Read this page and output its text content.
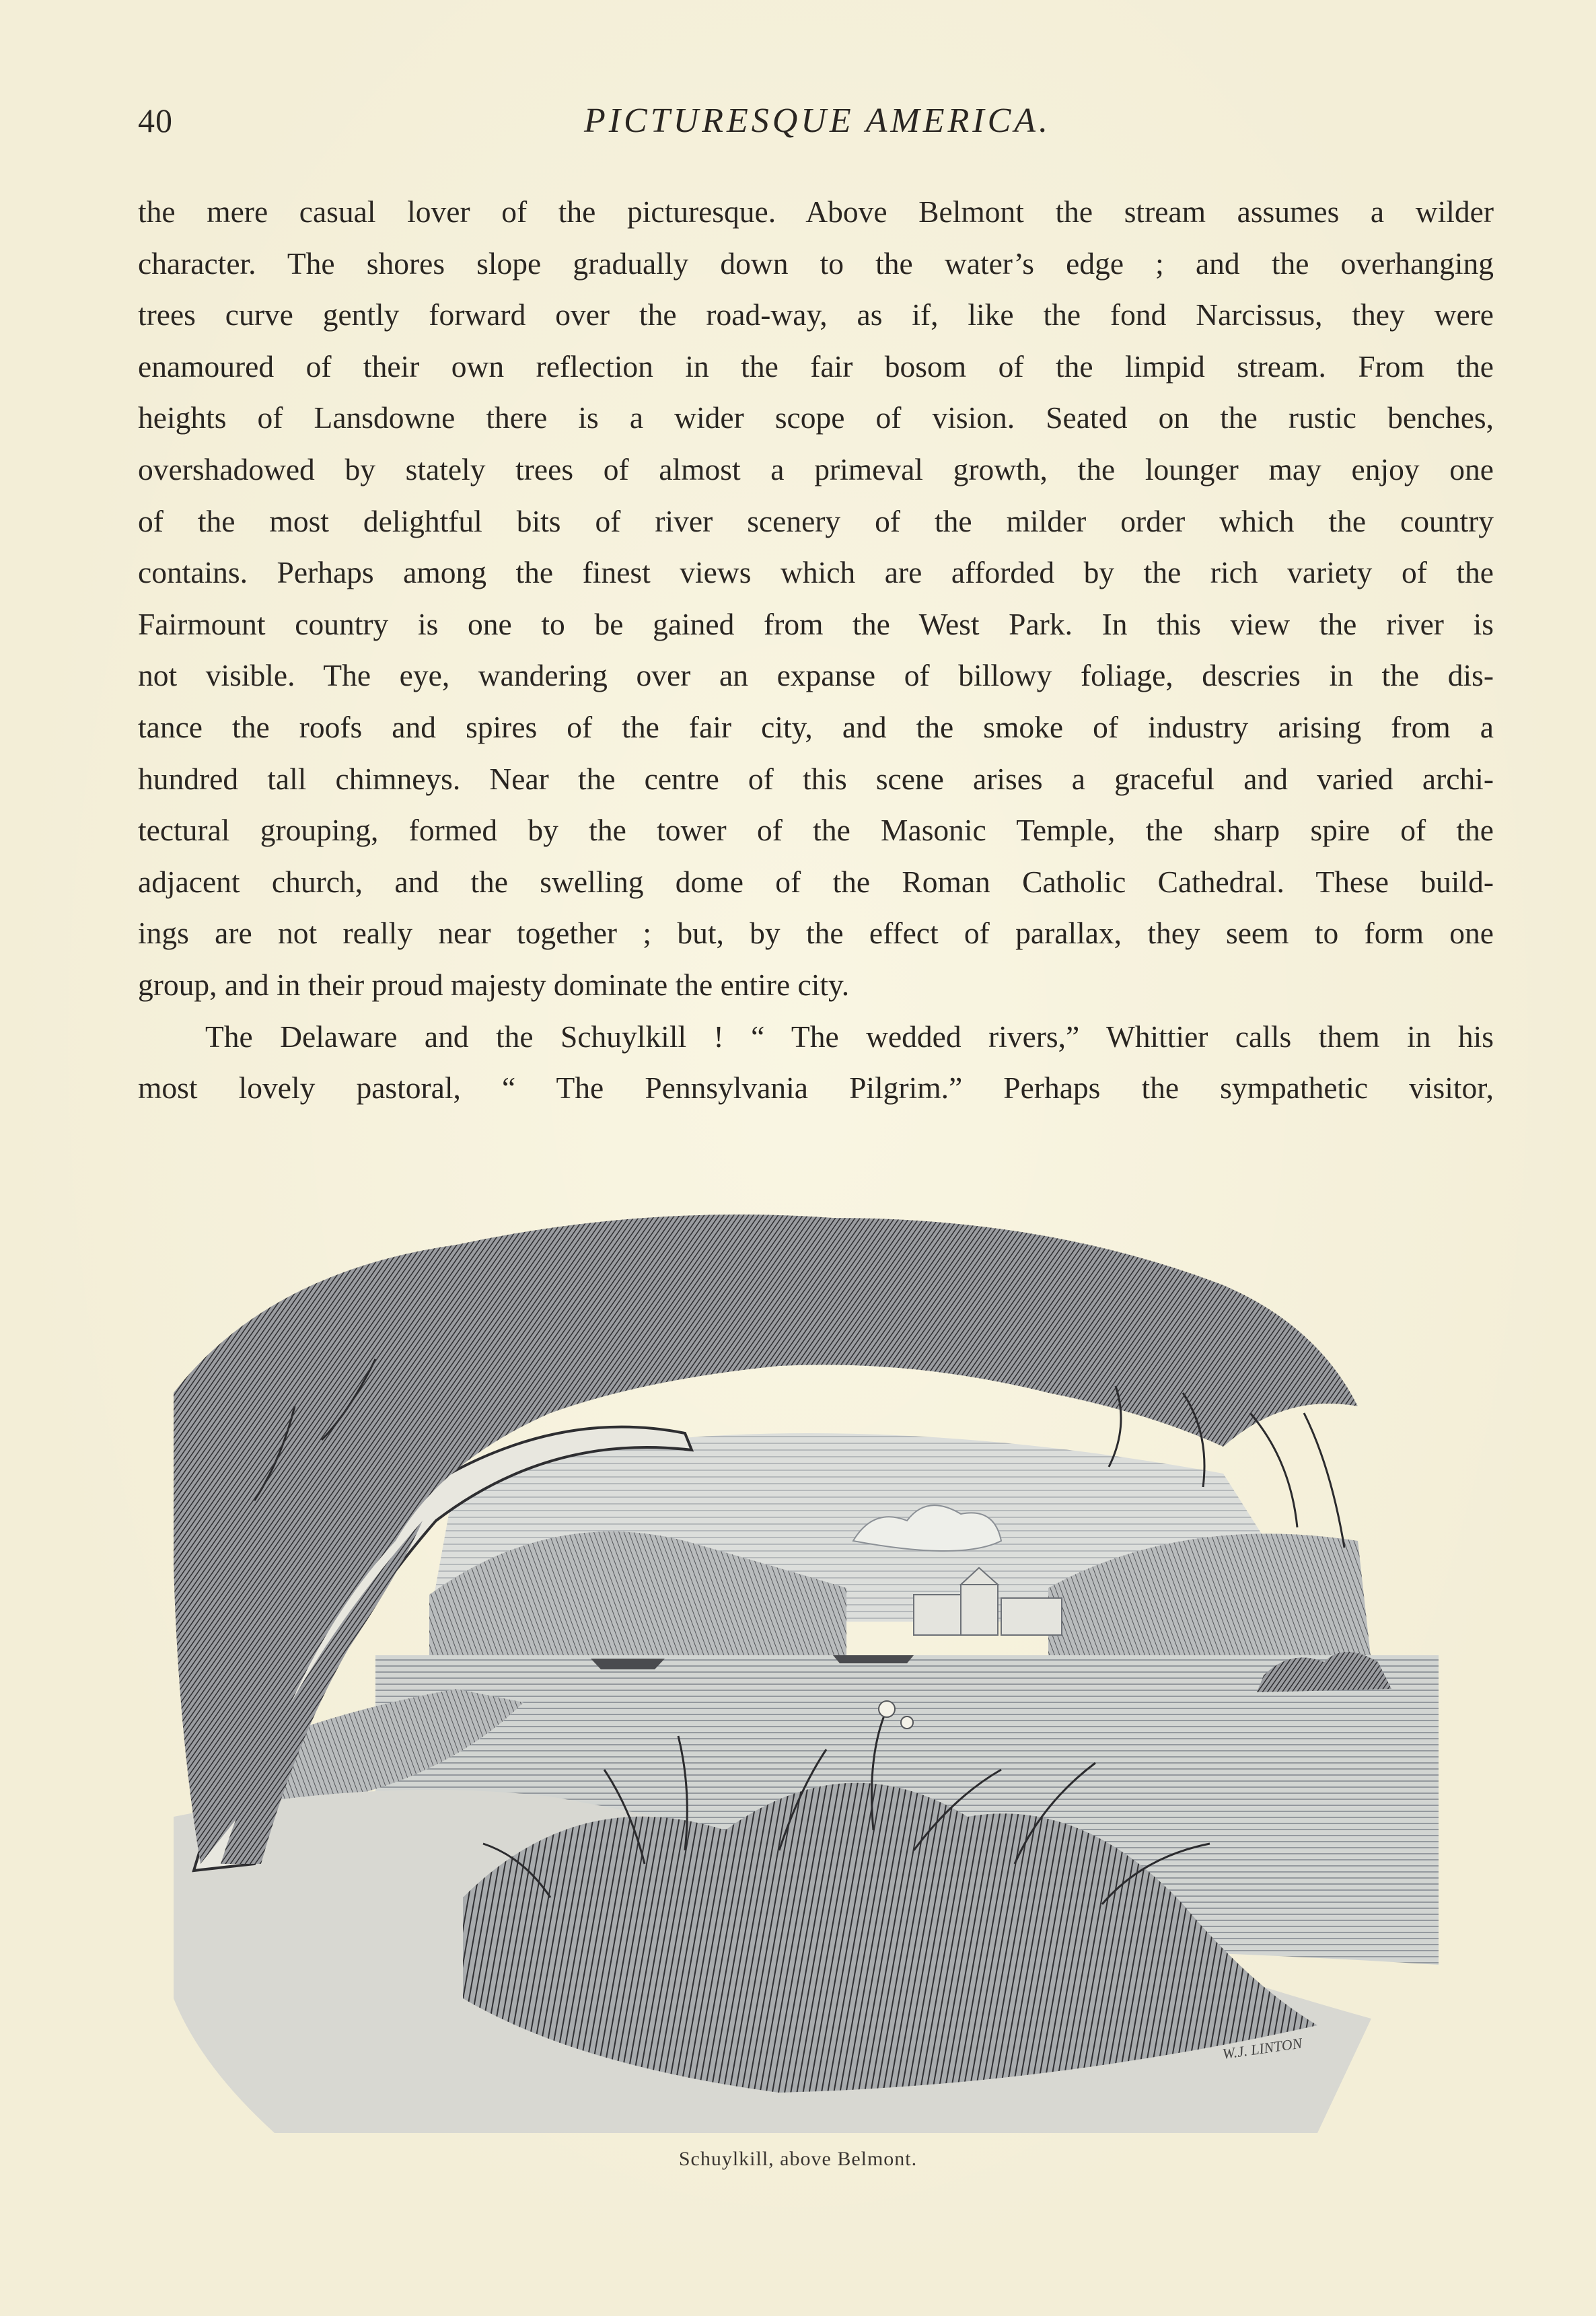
40	PICTURESQUE AMERICA.
the mere casual lover of the picturesque. Above Belmont the stream assumes a wilder
character. The shores slope gradually down to the water’s edge ; and the overhanging
trees curve gently forward over the road-way, as if, like the fond Narcissus, they were
enamoured of their own reflection in the fair bosom of the limpid stream. From the
heights of Lansdowne there is a wider scope of vision. Seated on the rustic benches,
overshadowed by stately trees of almost a primeval growth, the lounger may enjoy one
of the most delightful bits of river scenery of the milder order which the country
contains. Perhaps among the finest views which are afforded by the rich variety of the
Fairmount country is one to be gained from the West Park. In this view the river is
not visible. The eye, wandering over an expanse of billowy foliage, descries in the dis-
tance the roofs and spires of the fair city, and the smoke of industry arising from a
hundred tall chimneys. Near the centre of this scene arises a graceful and varied archi-
tectural grouping, formed by the tower of the Masonic Temple, the sharp spire of the
adjacent church, and the swelling dome of the Roman Catholic Cathedral. These build-
ings are not really near together ; but, by the effect of parallax, they seem to form one
group, and in their proud majesty dominate the entire city.
The Delaware and the Schuylkill ! “ The wedded rivers,” Whittier calls them in his
most lovely pastoral, “ The Pennsylvania Pilgrim.” Perhaps the sympathetic visitor,
W.J. LINTON
Schuylkill, above Belmont.
